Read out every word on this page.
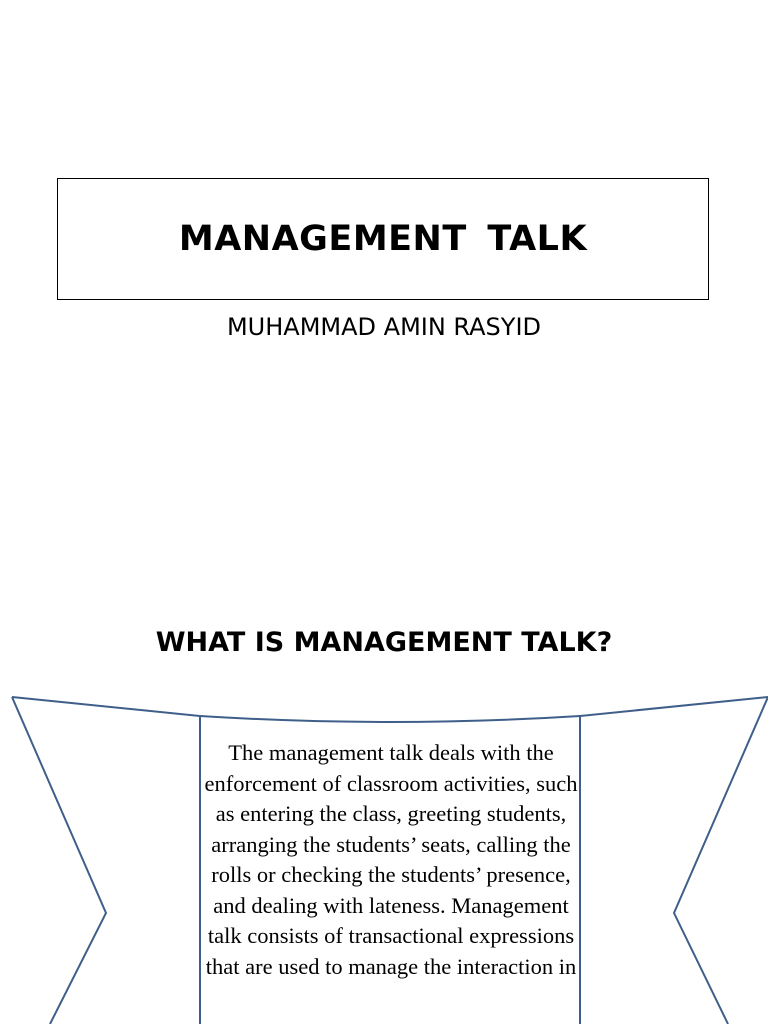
MANAGEMENT TALK
MUHAMMAD AMIN RASYID
WHAT IS MANAGEMENT TALK?

The management talk deals with the enforcement of classroom activities, such as entering the class, greeting students, arranging the students’ seats, calling the rolls or checking the students’ presence, and dealing with lateness. Management talk consists of transactional expressions that are used to manage the interaction in
